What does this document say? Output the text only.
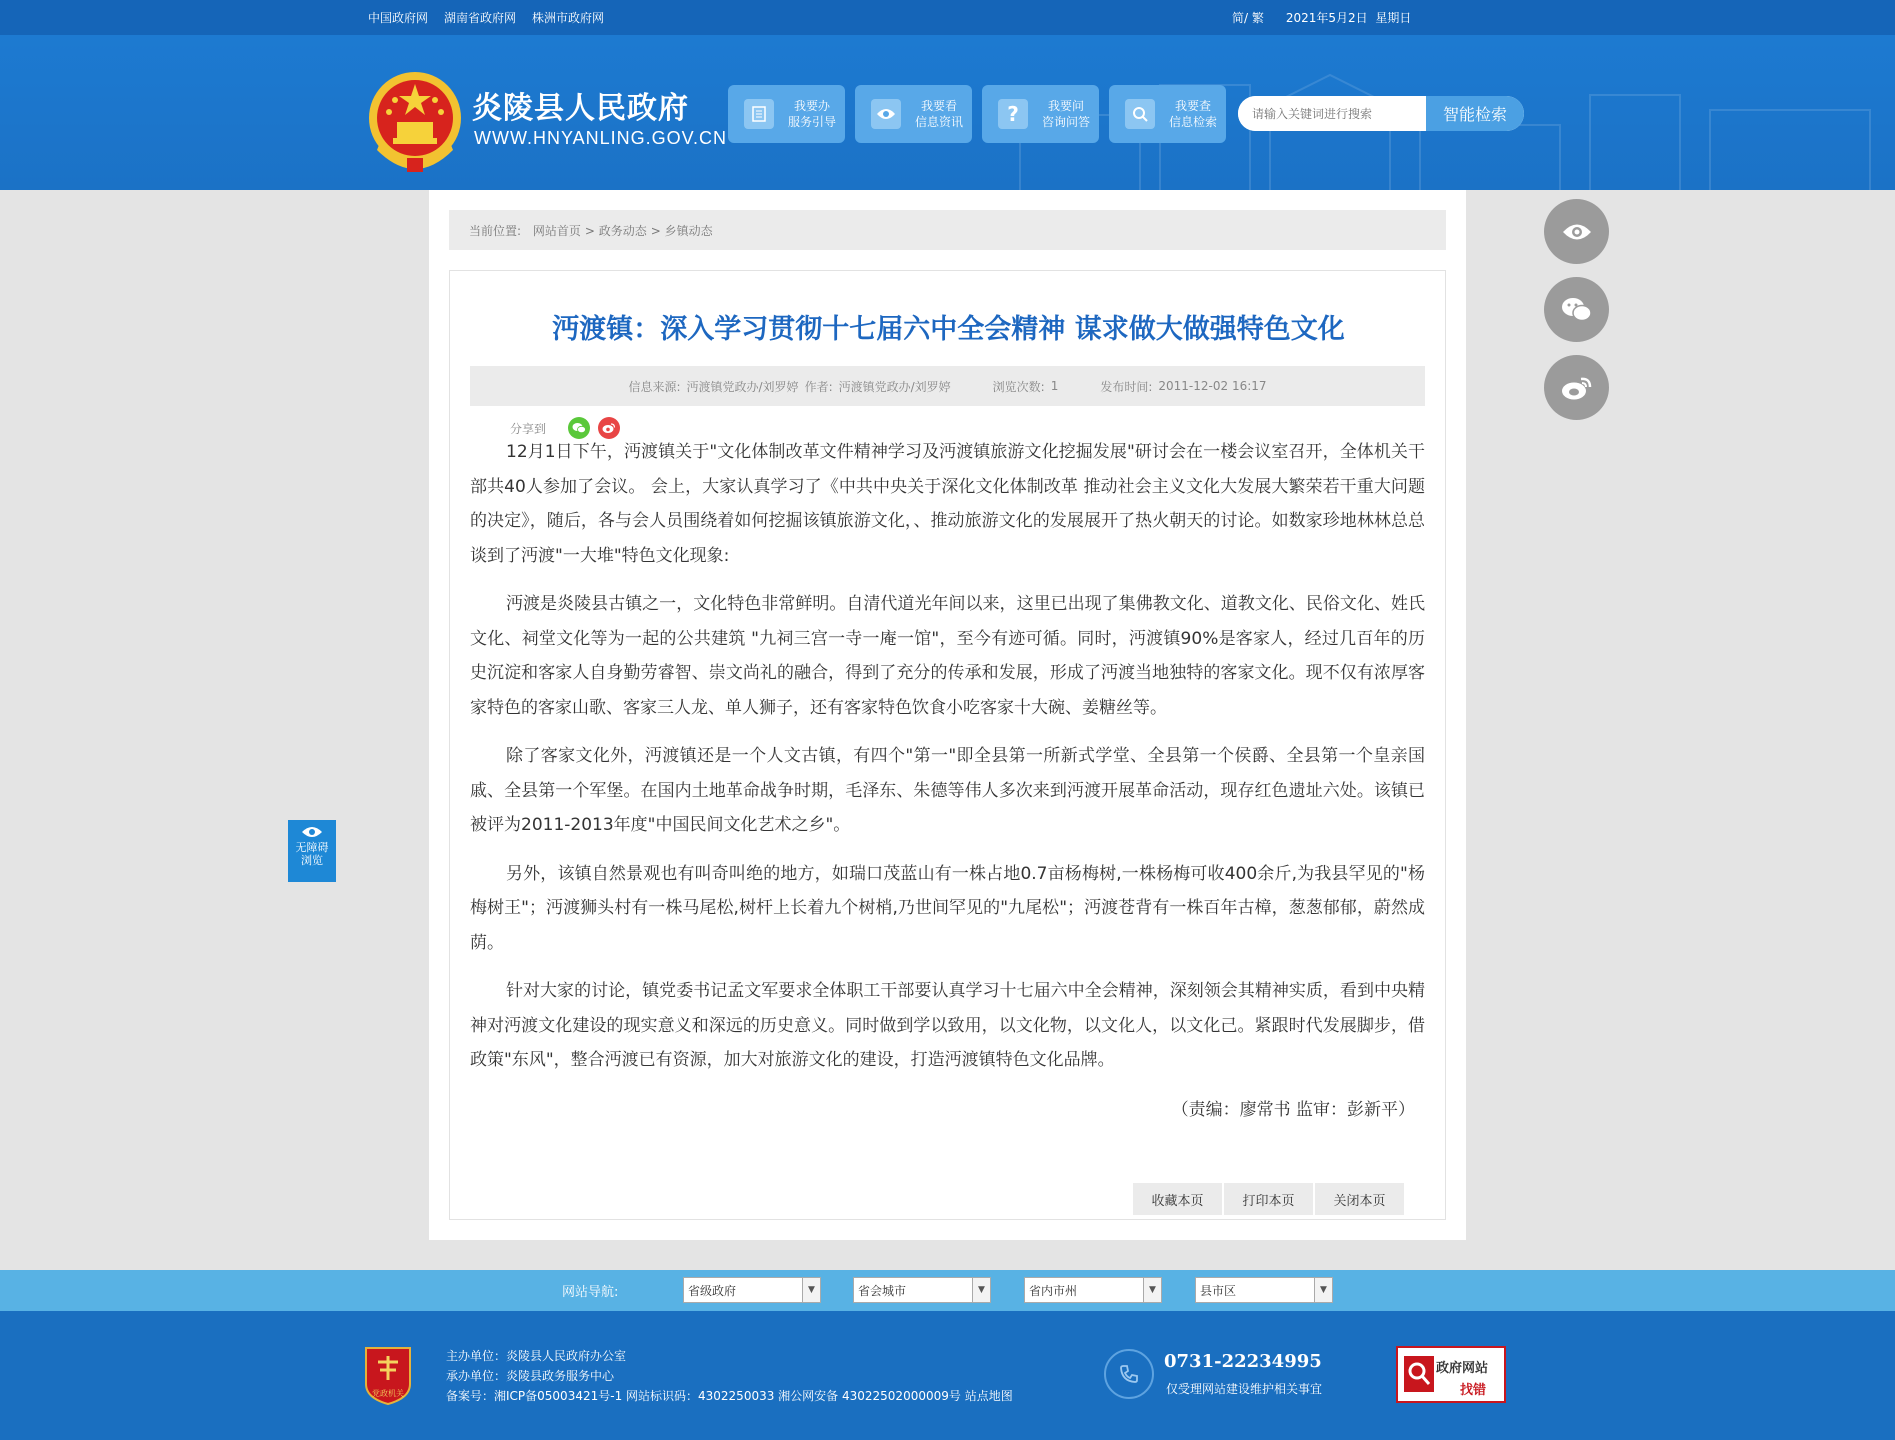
中国政府网 湖南省政府网 株洲市政府网	简/ 繁 2021年5月2日 星期日
炎陵县人民政府
WWW.HNYANLING.GOV.CN
我要办
服务引导
我要看
信息资讯 ?	我要问
咨询问答
我要查
信息检索
请输入关键词进行搜索	智能检索
当前位置:
网站首页 > 政务动态 > 乡镇动态
沔渡镇：深入学习贯彻十七届六中全会精神 谋求做大做强特色文化
信息来源: 沔渡镇党政办/刘罗婷 作者: 沔渡镇党政办/刘罗婷	浏览次数: 1	发布时间: 2011-12-02 16:17
分享到

12月1日下午，沔渡镇关于"文化体制改革文件精神学习及沔渡镇旅游文化挖掘发展"研讨会在一楼会议室召开，全体机关干部共40人参加了会议。 会上，大家认真学习了《中共中央关于深化文化体制改革 推动社会主义文化大发展大繁荣若干重大问题的决定》，随后，各与会人员围绕着如何挖掘该镇旅游文化，、推动旅游文化的发展展开了热火朝天的讨论。如数家珍地林林总总谈到了沔渡"一大堆"特色文化现象:

沔渡是炎陵县古镇之一，文化特色非常鲜明。自清代道光年间以来，这里已出现了集佛教文化、道教文化、民俗文化、姓氏文化、祠堂文化等为一起的公共建筑 "九祠三宫一寺一庵一馆"，至今有迹可循。同时，沔渡镇90%是客家人，经过几百年的历史沉淀和客家人自身勤劳睿智、崇文尚礼的融合，得到了充分的传承和发展，形成了沔渡当地独特的客家文化。现不仅有浓厚客家特色的客家山歌、客家三人龙、单人狮子，还有客家特色饮食小吃客家十大碗、姜糖丝等。

除了客家文化外，沔渡镇还是一个人文古镇，有四个"第一"即全县第一所新式学堂、全县第一个侯爵、全县第一个皇亲国戚、全县第一个军堡。在国内土地革命战争时期，毛泽东、朱德等伟人多次来到沔渡开展革命活动，现存红色遗址六处。该镇已被评为2011-2013年度"中国民间文化艺术之乡"。

另外，该镇自然景观也有叫奇叫绝的地方，如瑞口茂蓝山有一株占地0.7亩杨梅树,一株杨梅可收400余斤,为我县罕见的"杨梅树王"；沔渡狮头村有一株马尾松,树杆上长着九个树梢,乃世间罕见的"九尾松"；沔渡苍背有一株百年古樟，葱葱郁郁，蔚然成荫。

针对大家的讨论，镇党委书记孟文军要求全体职工干部要认真学习十七届六中全会精神，深刻领会其精神实质，看到中央精神对沔渡文化建设的现实意义和深远的历史意义。同时做到学以致用，以文化物，以文化人，以文化己。紧跟时代发展脚步，借政策"东风"，整合沔渡已有资源，加大对旅游文化的建设，打造沔渡镇特色文化品牌。

（责编：廖常书 监审：彭新平）
收藏本页	打印本页	关闭本页
无障碍
浏览
网站导航:	省级政府	▼	省会城市	▼	省内市州	▼	县市区	▼
党政机关
主办单位：炎陵县人民政府办公室
承办单位：炎陵县政务服务中心
备案号：湘ICP备05003421号-1 网站标识码：4302250033 湘公网安备 43022502000009号 站点地图
0731-22234995
仅受理网站建设维护相关事宜
政府网站
找错
